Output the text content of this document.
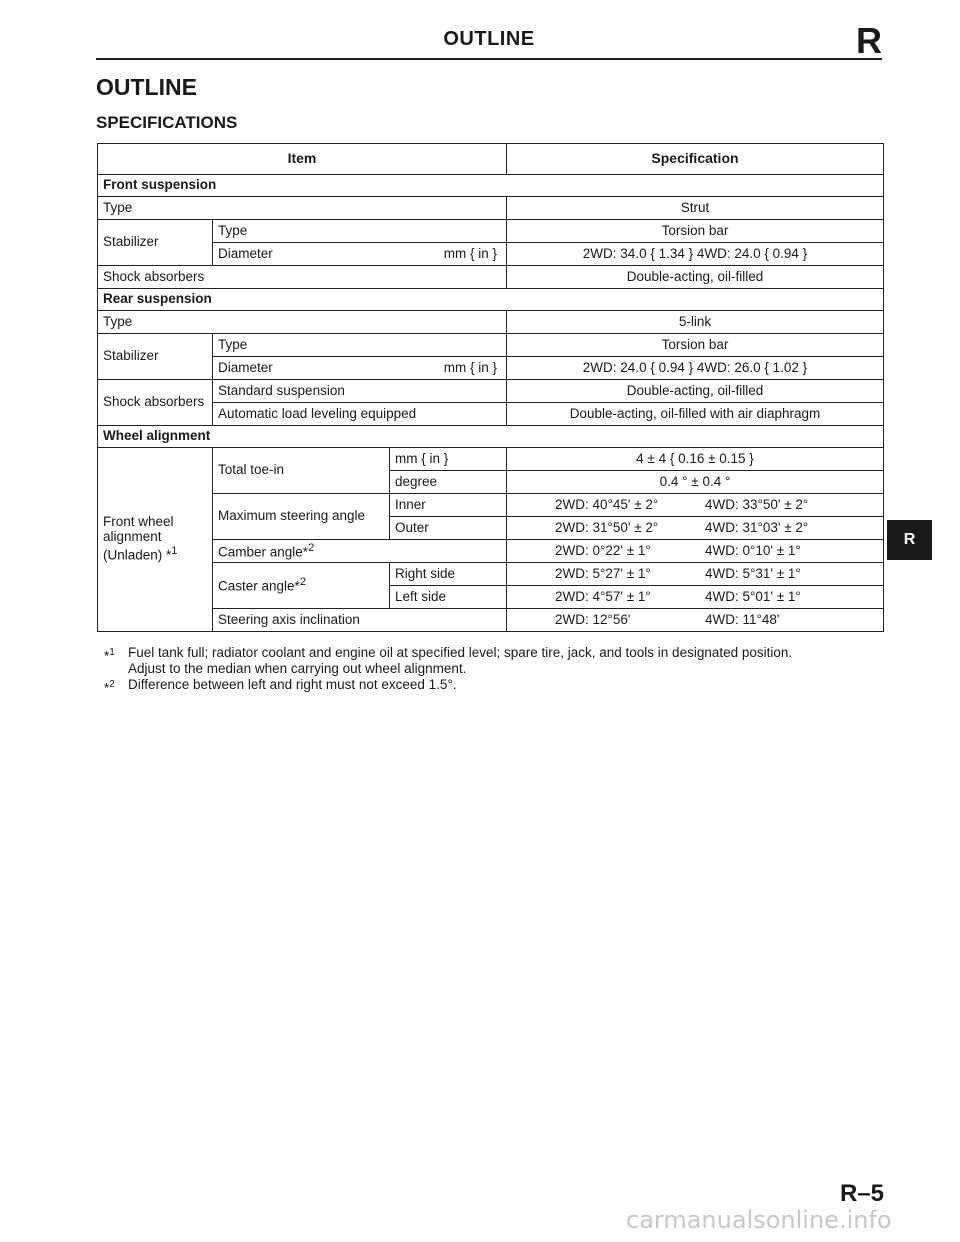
OUTLINE	R
OUTLINE
SPECIFICATIONS
Item			Specification
Front suspension			
Type			Strut
Stabilizer	Type		Torsion bar
	Diameter mm { in }		2WD: 34.0 { 1.34 } 4WD: 24.0 { 0.94 }
Shock absorbers			Double-acting, oil-filled
Rear suspension			
Type			5-link
Stabilizer	Type		Torsion bar
	Diameter mm { in }		2WD: 24.0 { 0.94 } 4WD: 26.0 { 1.02 }
Shock absorbers	Standard suspension		Double-acting, oil-filled
	Automatic load leveling equipped		Double-acting, oil-filled with air diaphragm
Wheel alignment			

Front wheel
alignment
(Unladen) *$^1$	Total toe-in	mm { in }	4 ± 4 { 0.16 ± 0.15 }
		degree	0.4 ° ± 0.4 °
	Maximum steering angle	Inner	2WD: 40°45' ± 2° 4WD: 33°50' ± 2°

		Outer	2WD: 31°50' ± 2° 4WD: 31°03' ± 2°

	Camber angle*$^2$		2WD: 0°22' ± 1° 4WD: 0°10' ± 1°

	Caster angle*$^2$	Right side	2WD: 5°27' ± 1° 4WD: 5°31' ± 1°

		Left side	2WD: 4°57' ± 1° 4WD: 5°01' ± 1°

	Steering axis inclination		2WD: 12°56' 4WD: 11°48'
*$^1$ Fuel tank full; radiator coolant and engine oil at specified level; spare tire, jack, and tools in designated position.
Adjust to the median when carrying out wheel alignment.
*$^2$ Difference between left and right must not exceed 1.5°.
R
R–5
carmanualsonline.info
